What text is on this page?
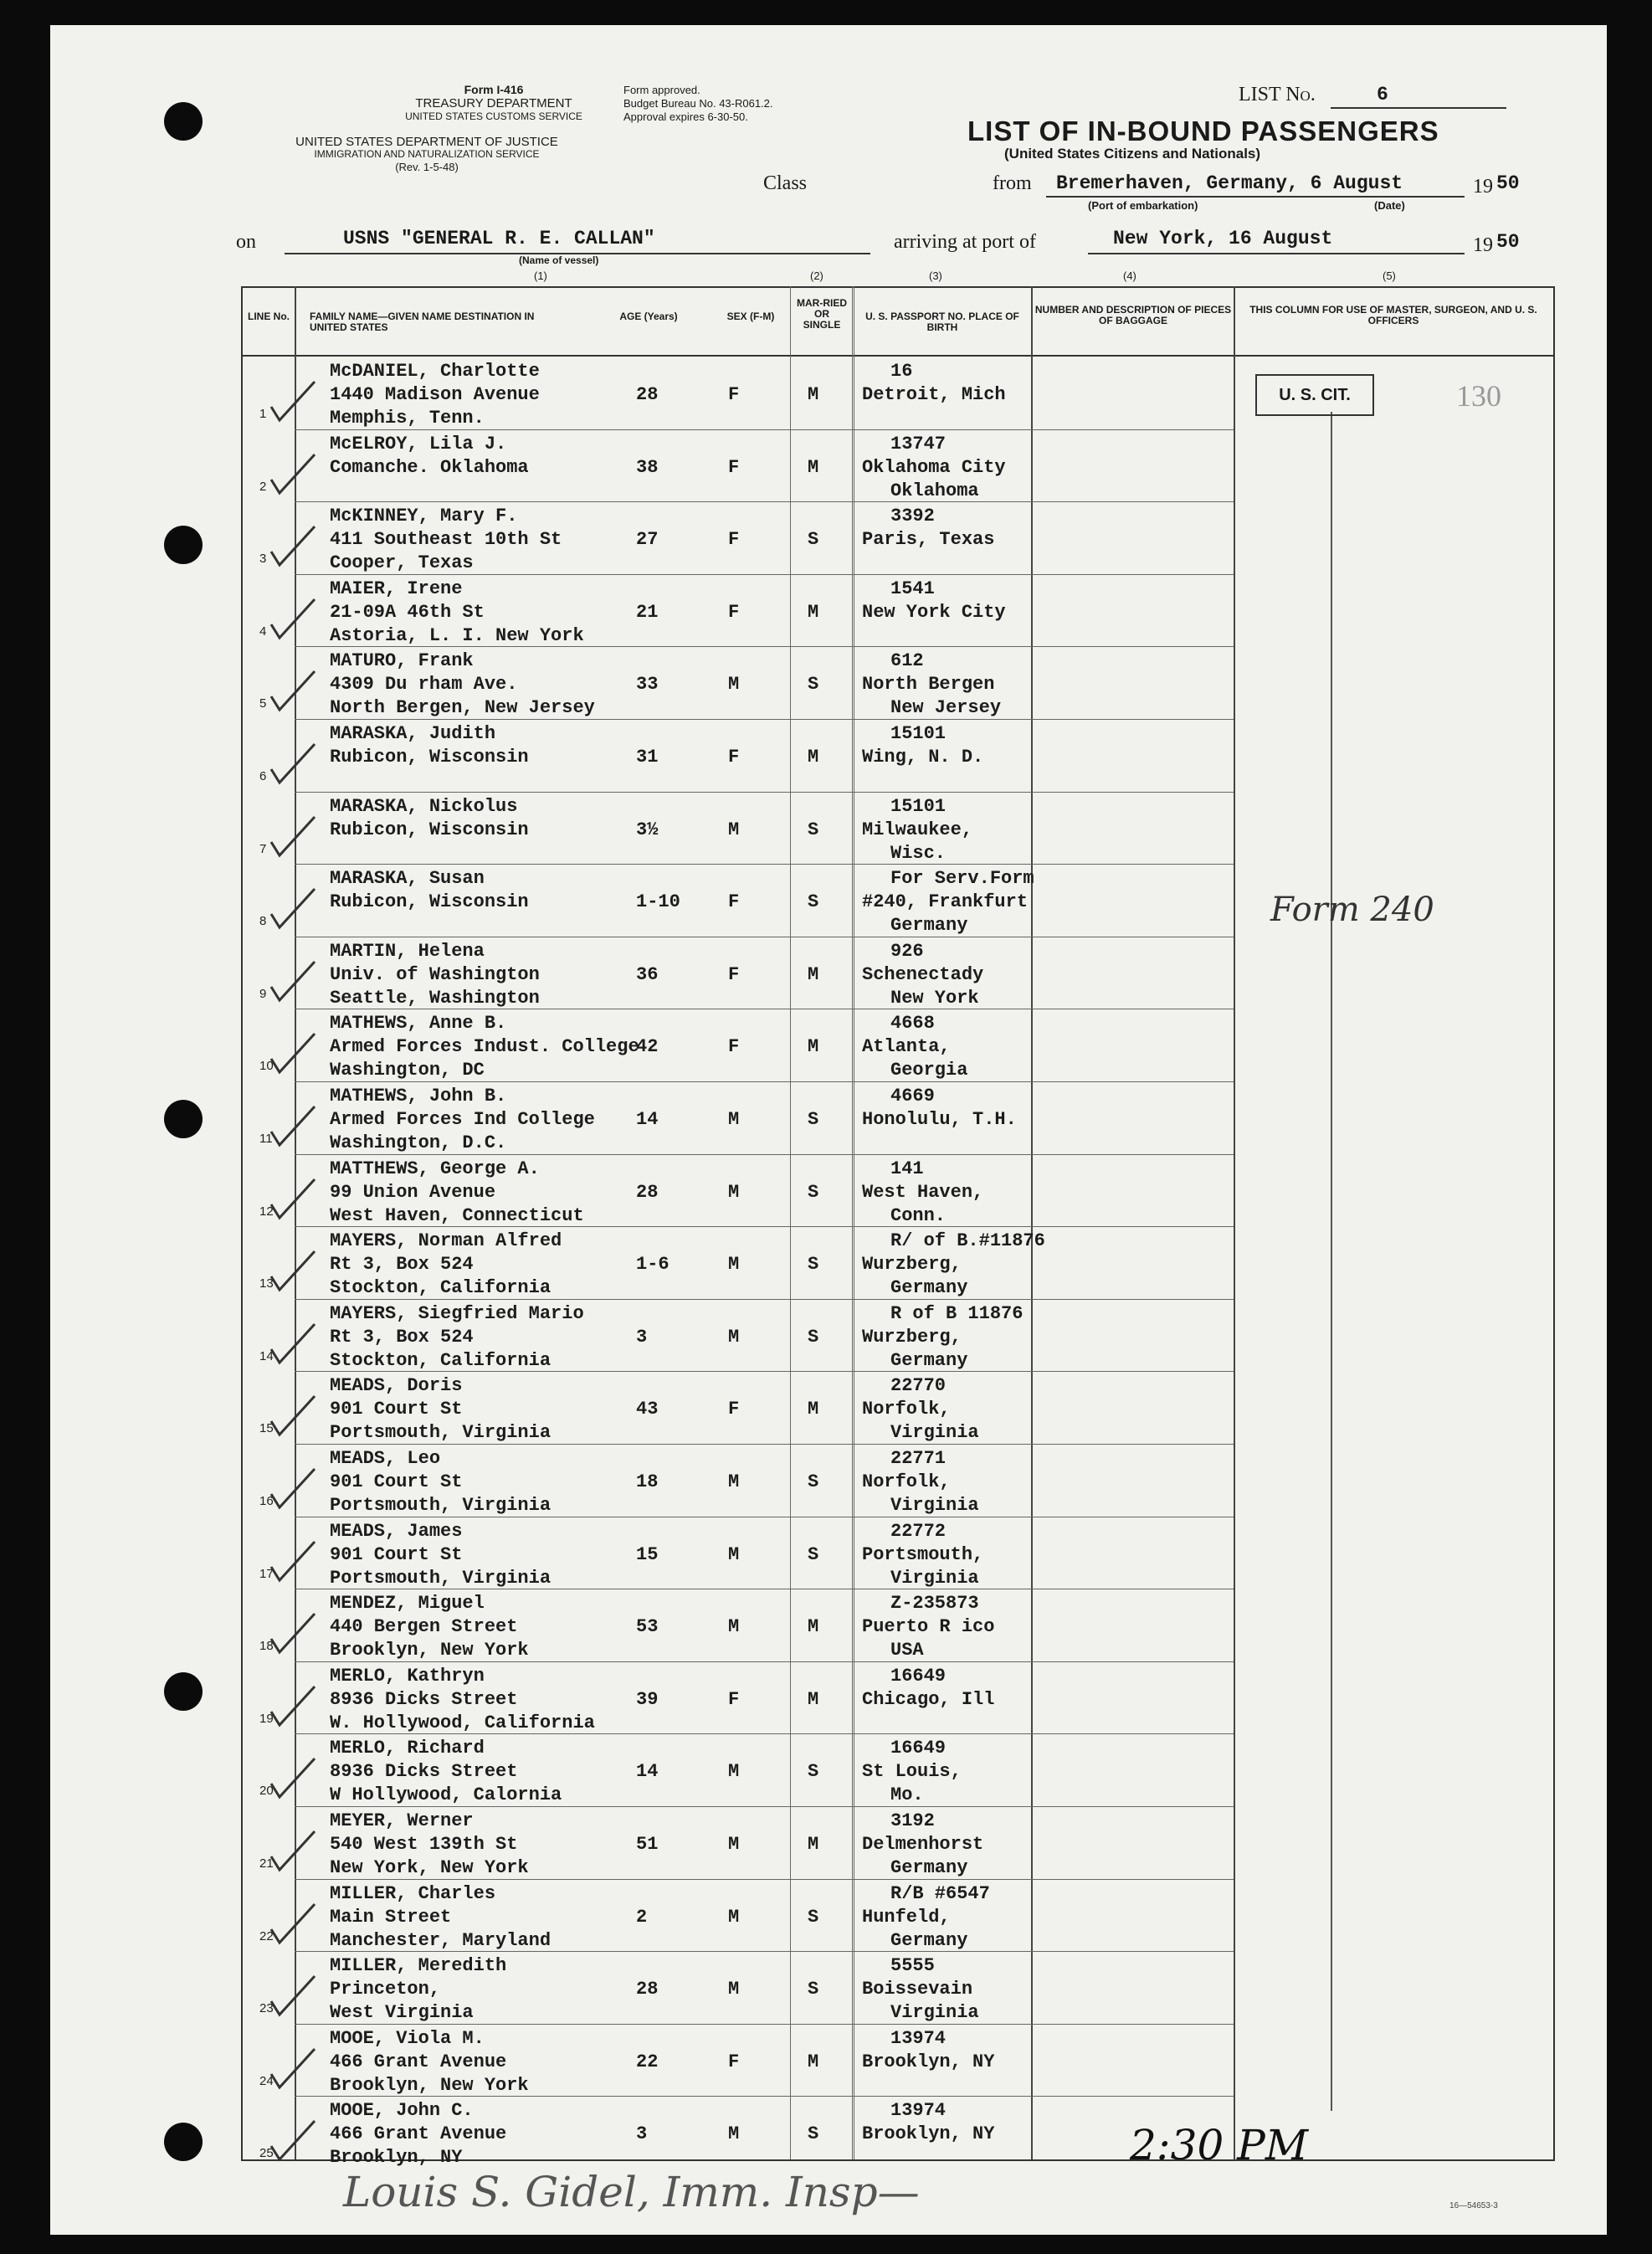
Form I-416
TREASURY DEPARTMENT
UNITED STATES CUSTOMS SERVICE
UNITED STATES DEPARTMENT OF JUSTICE
IMMIGRATION AND NATURALIZATION SERVICE
(Rev. 1-5-48)
Form approved.
Budget Bureau No. 43-R061.2.
Approval expires 6-30-50.
LIST No.	6
LIST OF IN-BOUND PASSENGERS
(United States Citizens and Nationals)
Class	from Bremerhaven, Germany, 6 August	19 50
(Port of embarkation)	(Date)
on	USNS "GENERAL R. E. CALLAN"
(Name of vessel)
arriving at port of	New York, 16 August	19 50
(1)	(2)	(3)	(4)	(5)
LINE No.	FAMILY NAME—GIVEN NAME DESTINATION IN UNITED STATES
AGE (Years)	SEX (F-M)
MAR-RIED OR SINGLE
U. S. PASSPORT NO. PLACE OF BIRTH
NUMBER AND DESCRIPTION OF PIECES OF BAGGAGE
THIS COLUMN FOR USE OF MASTER, SURGEON, AND U. S. OFFICERS
1
McDANIEL, Charlotte
1440 Madison Avenue
Memphis, Tenn.
28	F	M
16
Detroit, Mich
2
McELROY, Lila J.
Comanche. Oklahoma	38	F	M
13747
Oklahoma City
Oklahoma
3
McKINNEY, Mary F.
411 Southeast 10th St
Cooper, Texas
27	F	S
3392
Paris, Texas
4
MAIER, Irene
21-09A 46th St
Astoria, L. I. New York
21	F	M
1541
New York City
5
MATURO, Frank
4309 Du rham Ave.
North Bergen, New Jersey
33	M	S
612
North Bergen
New Jersey
6
MARASKA, Judith
Rubicon, Wisconsin	31	F	M
15101
Wing, N. D.
7
MARASKA, Nickolus
Rubicon, Wisconsin	3½	M	S
15101
Milwaukee,
Wisc.
8
MARASKA, Susan
Rubicon, Wisconsin	1-10	F	S
For Serv.Form
#240, Frankfurt
Germany
9
MARTIN, Helena
Univ. of Washington
Seattle, Washington
36	F	M
926
Schenectady
New York
10
MATHEWS, Anne B.
Armed Forces Indust. College
Washington, DC
42	F	M
4668
Atlanta,
Georgia
11
MATHEWS, John B.
Armed Forces Ind College
Washington, D.C.
14	M	S
4669
Honolulu, T.H.
12
MATTHEWS, George A.
99 Union Avenue
West Haven, Connecticut
28	M	S
141
West Haven,
Conn.
13
MAYERS, Norman Alfred
Rt 3, Box 524
Stockton, California
1-6	M	S
R/ of B.#11876
Wurzberg,
Germany
14
MAYERS, Siegfried Mario
Rt 3, Box 524
Stockton, California
3	M	S
R of B 11876
Wurzberg,
Germany
15
MEADS, Doris
901 Court St
Portsmouth, Virginia
43	F	M
22770
Norfolk,
Virginia
16
MEADS, Leo
901 Court St
Portsmouth, Virginia
18	M	S
22771
Norfolk,
Virginia
17
MEADS, James
901 Court St
Portsmouth, Virginia
15	M	S
22772
Portsmouth,
Virginia
18
MENDEZ, Miguel
440 Bergen Street
Brooklyn, New York
53	M	M
Z-235873
Puerto R ico
USA
19
MERLO, Kathryn
8936 Dicks Street
W. Hollywood, California
39	F	M
16649
Chicago, Ill
20
MERLO, Richard
8936 Dicks Street
W Hollywood, Calornia
14	M	S
16649
St Louis,
Mo.
21
MEYER, Werner
540 West 139th St
New York, New York
51	M	M
3192
Delmenhorst
Germany
22
MILLER, Charles
Main Street
Manchester, Maryland
2	M	S
R/B #6547
Hunfeld,
Germany
23
MILLER, Meredith
Princeton,
West Virginia
28	M	S
5555
Boissevain
Virginia
24
MOOE, Viola M.
466 Grant Avenue
Brooklyn, New York
22	F	M
13974
Brooklyn, NY
25
MOOE, John C.
466 Grant Avenue
Brooklyn, NY
3	M	S
13974
Brooklyn, NY
U. S. CIT.	130
Form 240
2:30 PM
Louis S. Gidel, Imm. Insp—	16—54653-3
